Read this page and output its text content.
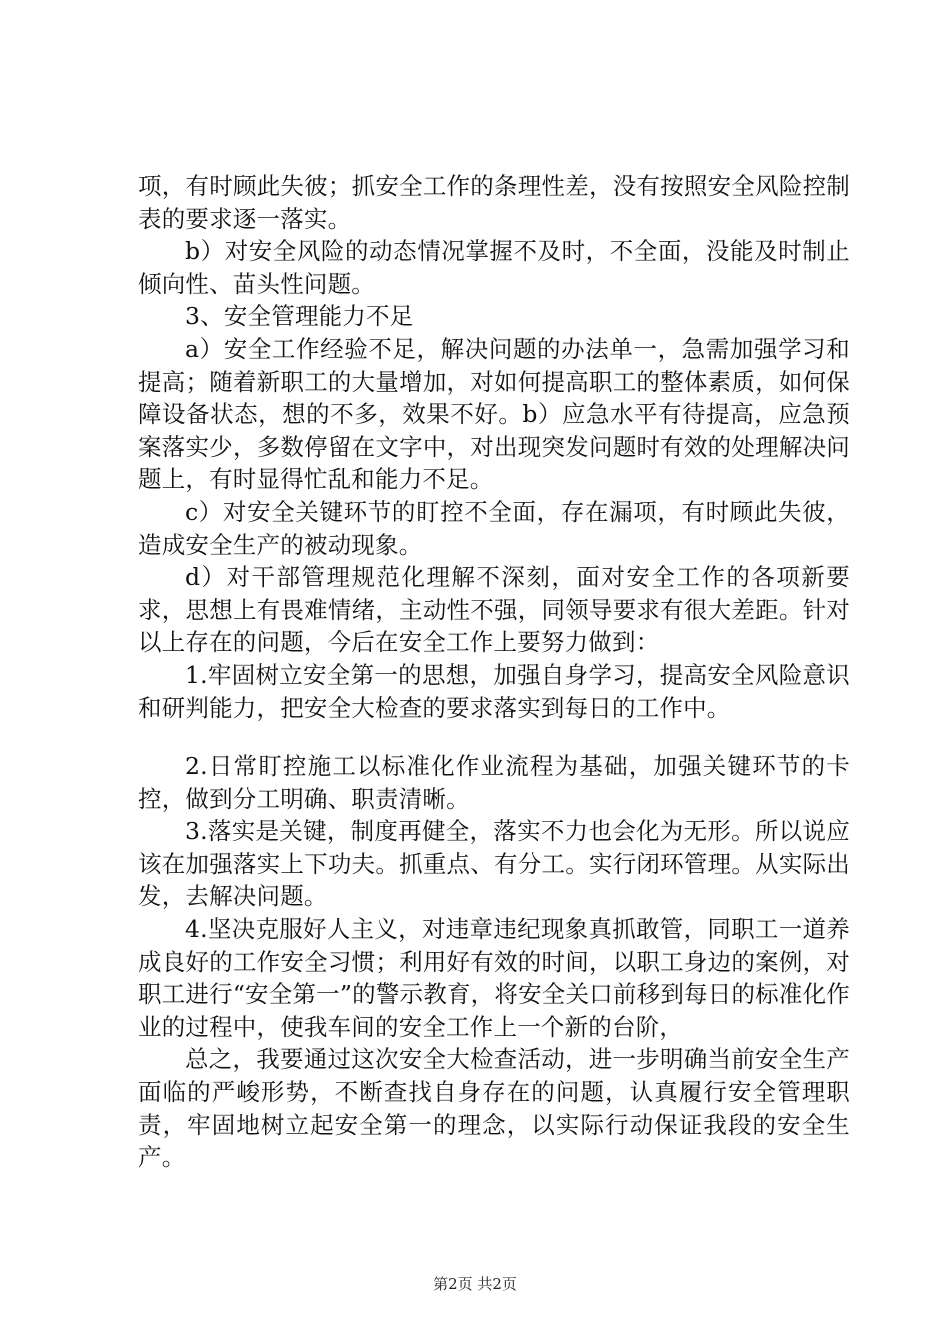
项，有时顾此失彼；抓安全工作的条理性差，没有按照安全风险控制表的要求逐一落实。

b）对安全风险的动态情况掌握不及时，不全面，没能及时制止倾向性、苗头性问题。

3、安全管理能力不足

a）安全工作经验不足，解决问题的办法单一，急需加强学习和提高；随着新职工的大量增加，对如何提高职工的整体素质，如何保障设备状态，想的不多，效果不好。b）应急水平有待提高，应急预案落实少，多数停留在文字中，对出现突发问题时有效的处理解决问题上，有时显得忙乱和能力不足。

c）对安全关键环节的盯控不全面，存在漏项，有时顾此失彼，造成安全生产的被动现象。

d）对干部管理规范化理解不深刻，面对安全工作的各项新要求，思想上有畏难情绪，主动性不强，同领导要求有很大差距。针对以上存在的问题，今后在安全工作上要努力做到：

1.牢固树立安全第一的思想，加强自身学习，提高安全风险意识和研判能力，把安全大检查的要求落实到每日的工作中。

2.日常盯控施工以标准化作业流程为基础，加强关键环节的卡控，做到分工明确、职责清晰。

3.落实是关键，制度再健全，落实不力也会化为无形。所以说应该在加强落实上下功夫。抓重点、有分工。实行闭环管理。从实际出发，去解决问题。

4.坚决克服好人主义，对违章违纪现象真抓敢管，同职工一道养成良好的工作安全习惯；利用好有效的时间，以职工身边的案例，对职工进行“安全第一”的警示教育，将安全关口前移到每日的标准化作业的过程中，使我车间的安全工作上一个新的台阶，

总之，我要通过这次安全大检查活动，进一步明确当前安全生产面临的严峻形势，不断查找自身存在的问题，认真履行安全管理职责，牢固地树立起安全第一的理念，以实际行动保证我段的安全生产。

第2页 共2页
